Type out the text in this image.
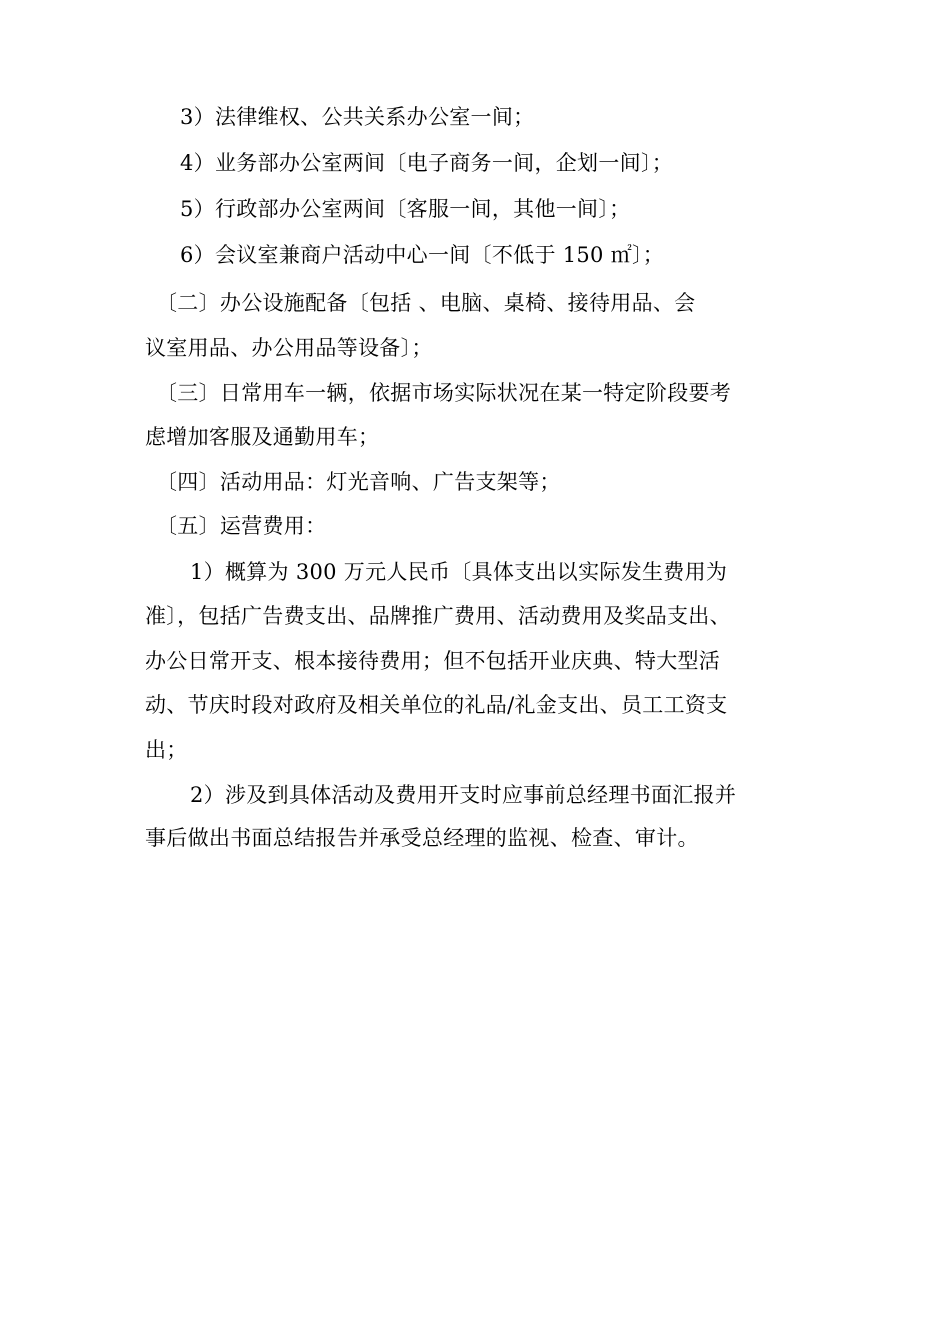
3）法律维权、公共关系办公室一间；
4）业务部办公室两间〔电子商务一间，企划一间〕；
5）行政部办公室两间〔客服一间，其他一间〕；
6）会议室兼商户活动中心一间〔不低于 150 ㎡〕；
〔二〕办公设施配备〔包括 、电脑、桌椅、接待用品、会
议室用品、办公用品等设备〕；
〔三〕日常用车一辆，依据市场实际状况在某一特定阶段要考
虑增加客服及通勤用车；
〔四〕活动用品：灯光音响、广告支架等；
〔五〕运营费用：
1）概算为 300 万元人民币〔具体支出以实际发生费用为
准〕，包括广告费支出、品牌推广费用、活动费用及奖品支出、
办公日常开支、根本接待费用；但不包括开业庆典、特大型活
动、节庆时段对政府及相关单位的礼品/礼金支出、员工工资支
出；
2）涉及到具体活动及费用开支时应事前总经理书面汇报并
事后做出书面总结报告并承受总经理的监视、检查、审计。
